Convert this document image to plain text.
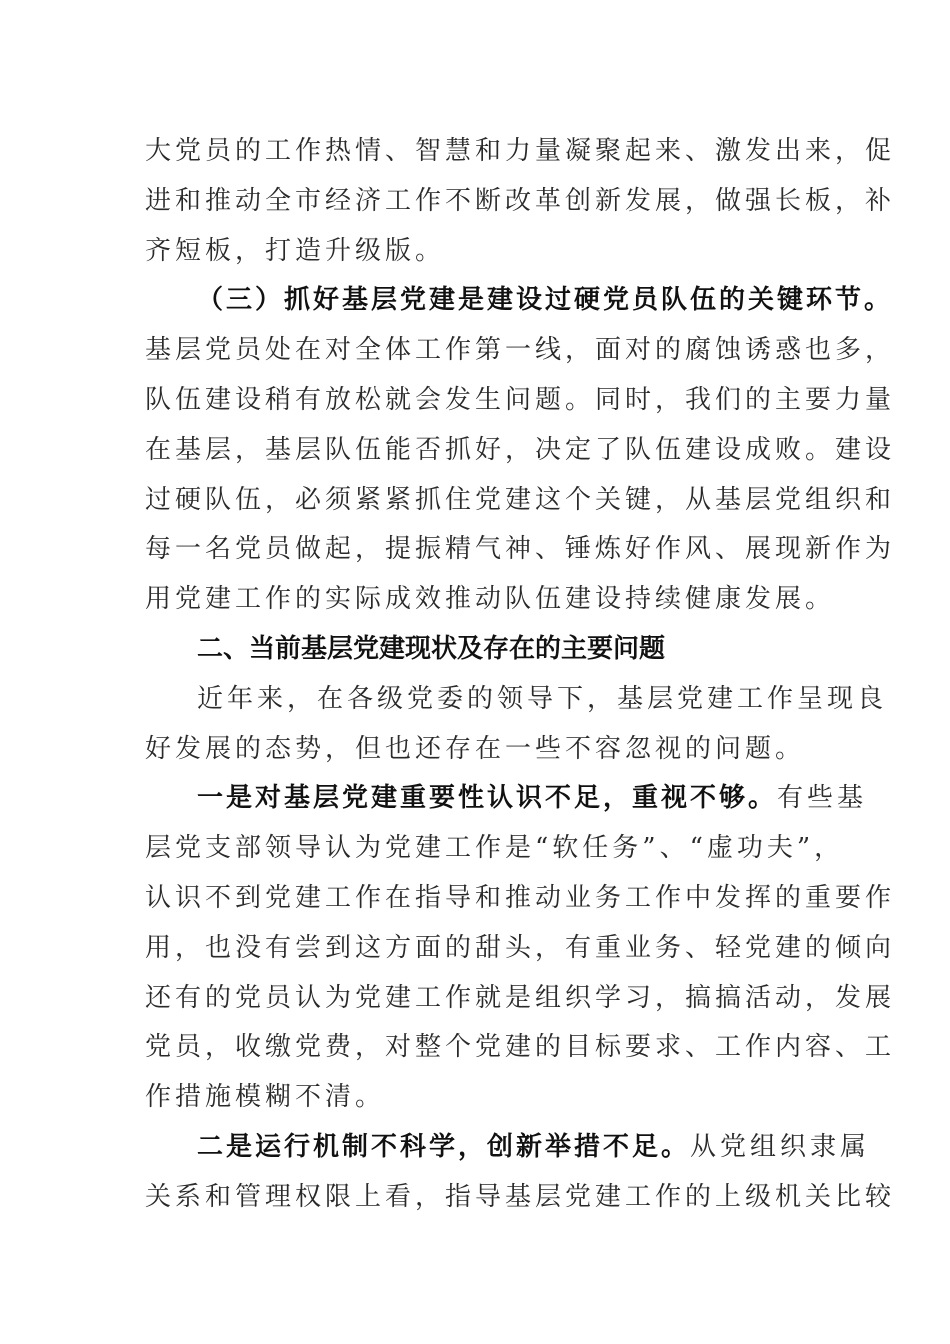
大党员的工作热情、智慧和力量凝聚起来、激发出来，促
进和推动全市经济工作不断改革创新发展，做强长板，补
齐短板，打造升级版。
（三）抓好基层党建是建设过硬党员队伍的关键环节。
基层党员处在对全体工作第一线，面对的腐蚀诱惑也多，
队伍建设稍有放松就会发生问题。同时，我们的主要力量
在基层，基层队伍能否抓好，决定了队伍建设成败。建设
过硬队伍，必须紧紧抓住党建这个关键，从基层党组织和
每一名党员做起，提振精气神、锤炼好作风、展现新作为
用党建工作的实际成效推动队伍建设持续健康发展。
二、当前基层党建现状及存在的主要问题
近年来，在各级党委的领导下，基层党建工作呈现良
好发展的态势，但也还存在一些不容忽视的问题。
一是对基层党建重要性认识不足，重视不够。有些基
层党支部领导认为党建工作是“软任务”、“虚功夫”，
认识不到党建工作在指导和推动业务工作中发挥的重要作
用，也没有尝到这方面的甜头，有重业务、轻党建的倾向
还有的党员认为党建工作就是组织学习，搞搞活动，发展
党员，收缴党费，对整个党建的目标要求、工作内容、工
作措施模糊不清。
二是运行机制不科学，创新举措不足。从党组织隶属
关系和管理权限上看，指导基层党建工作的上级机关比较
